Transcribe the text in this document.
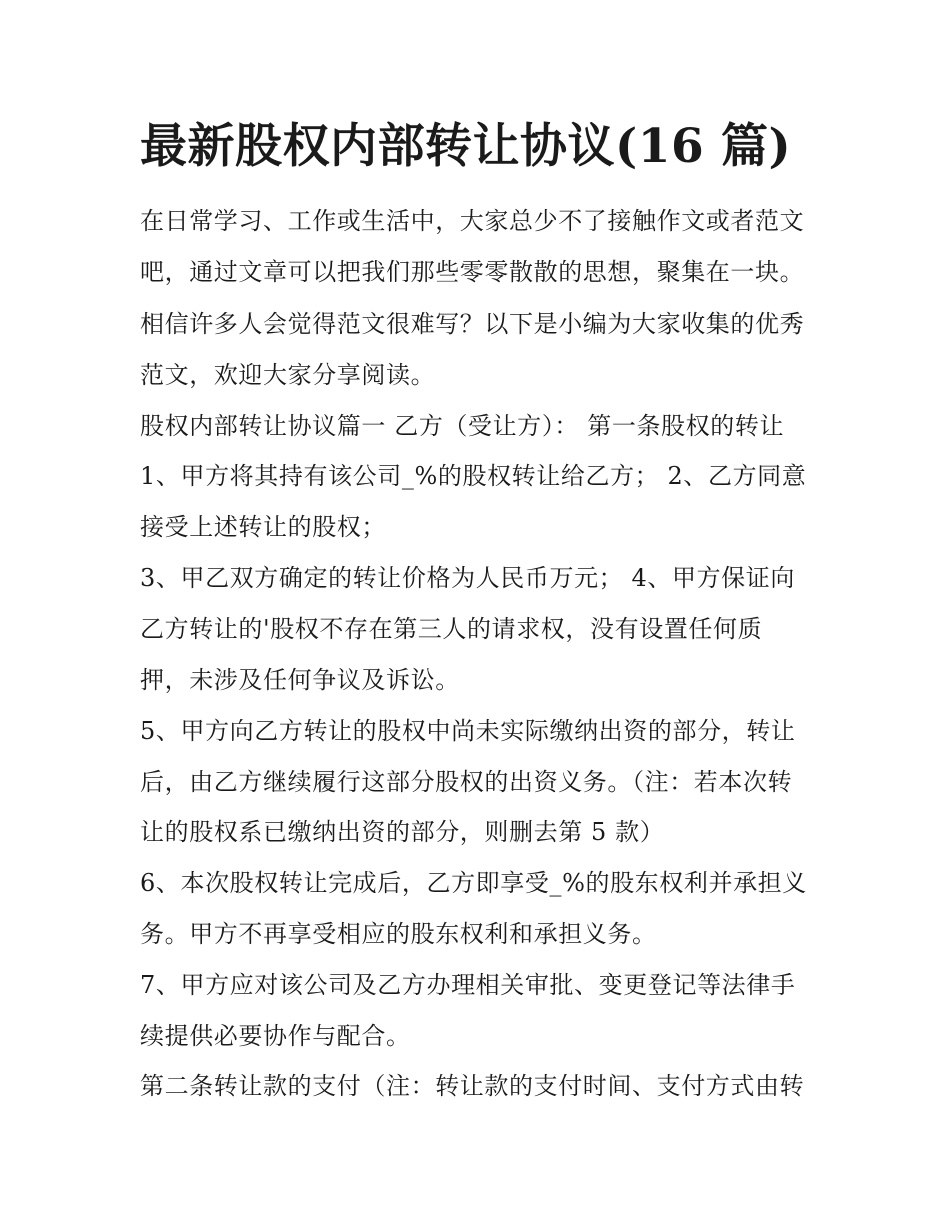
最新股权内部转让协议(16 篇)

在日常学习、工作或生活中，大家总少不了接触作文或者范文

吧，通过文章可以把我们那些零零散散的思想，聚集在一块。

相信许多人会觉得范文很难写？以下是小编为大家收集的优秀

范文，欢迎大家分享阅读。

股权内部转让协议篇一 乙方（受让方）： 第一条股权的转让

1、甲方将其持有该公司_%的股权转让给乙方； 2、乙方同意

接受上述转让的股权；

3、甲乙双方确定的转让价格为人民币万元； 4、甲方保证向

乙方转让的'股权不存在第三人的请求权，没有设置任何质

押，未涉及任何争议及诉讼。

5、甲方向乙方转让的股权中尚未实际缴纳出资的部分，转让

后，由乙方继续履行这部分股权的出资义务。（注：若本次转

让的股权系已缴纳出资的部分，则删去第 5 款）

6、本次股权转让完成后，乙方即享受_%的股东权利并承担义

务。甲方不再享受相应的股东权利和承担义务。

7、甲方应对该公司及乙方办理相关审批、变更登记等法律手

续提供必要协作与配合。

第二条转让款的支付（注：转让款的支付时间、支付方式由转
